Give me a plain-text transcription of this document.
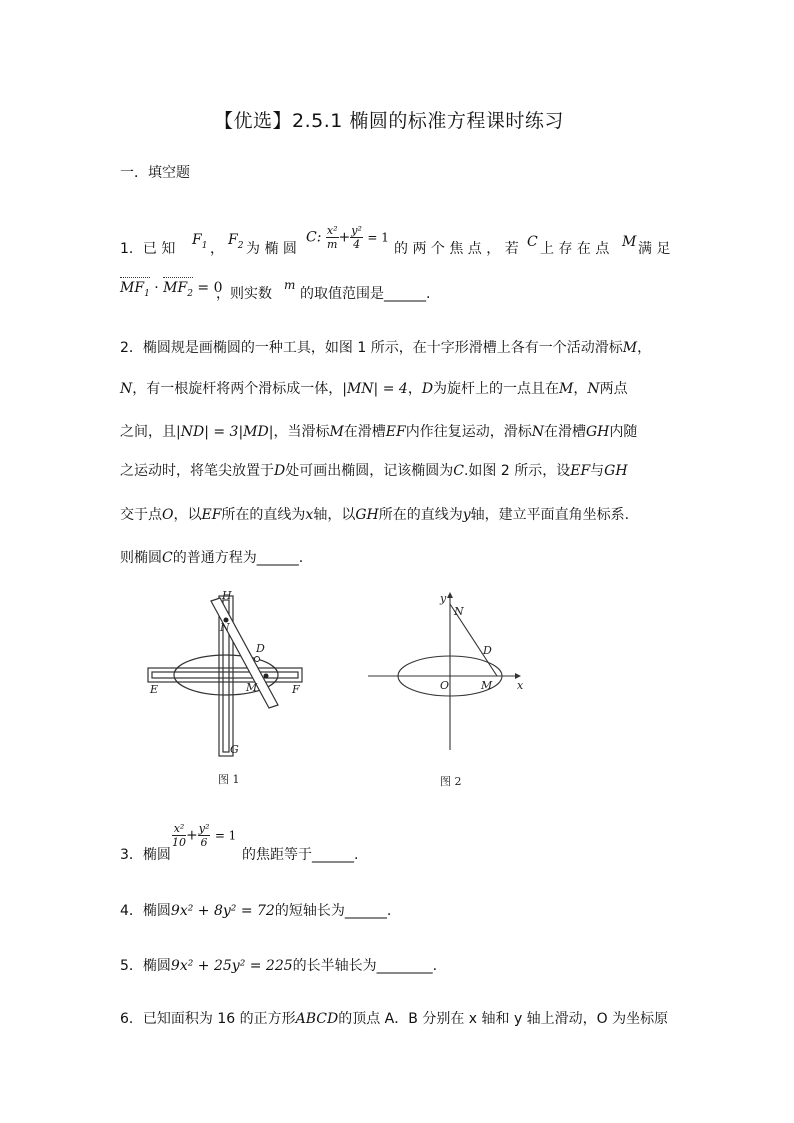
【优选】2.5.1 椭圆的标准方程课时练习
一．填空题
1．已 知
$F_1$ ，
$F_2$ 为 椭 圆
C: $\frac{\text{x²}}{m} + \frac{\text{y²}}{4} = 1$
的 两 个 焦 点 ， 若 C 上 存 在 点 M 满 足
$MF_1 \cdot MF_2 = 0$
，则实数
m
的取值范围是______.
2．椭圆规是画椭圆的一种工具，如图 1 所示，在十字形滑槽上各有一个活动滑标M，
N，有一根旋杆将两个滑标成一体，|MN| = 4，D为旋杆上的一点且在M，N两点
之间，且|ND| = 3|MD|，当滑标M在滑槽EF内作往复运动，滑标N在滑槽GH内随
之运动时，将笔尖放置于D处可画出椭圆，记该椭圆为C.如图 2 所示，设EF与GH
交于点O，以EF所在的直线为x轴，以GH所在的直线为y轴，建立平面直角坐标系.
则椭圆C的普通方程为______.
H
N
D
E	M	F
G
图 1
y
N
D
O	M x
图 2
3．椭圆
$\frac{\text{x²}}{10} + \frac{\text{y²}}{6} = 1$
的焦距等于______.
4．椭圆9x² + 8y² = 72的短轴长为______.
5．椭圆9x² + 25y² = 225的长半轴长为________.
6．已知面积为 16 的正方形ABCD的顶点 A．B 分别在 x 轴和 y 轴上滑动，O 为坐标原
